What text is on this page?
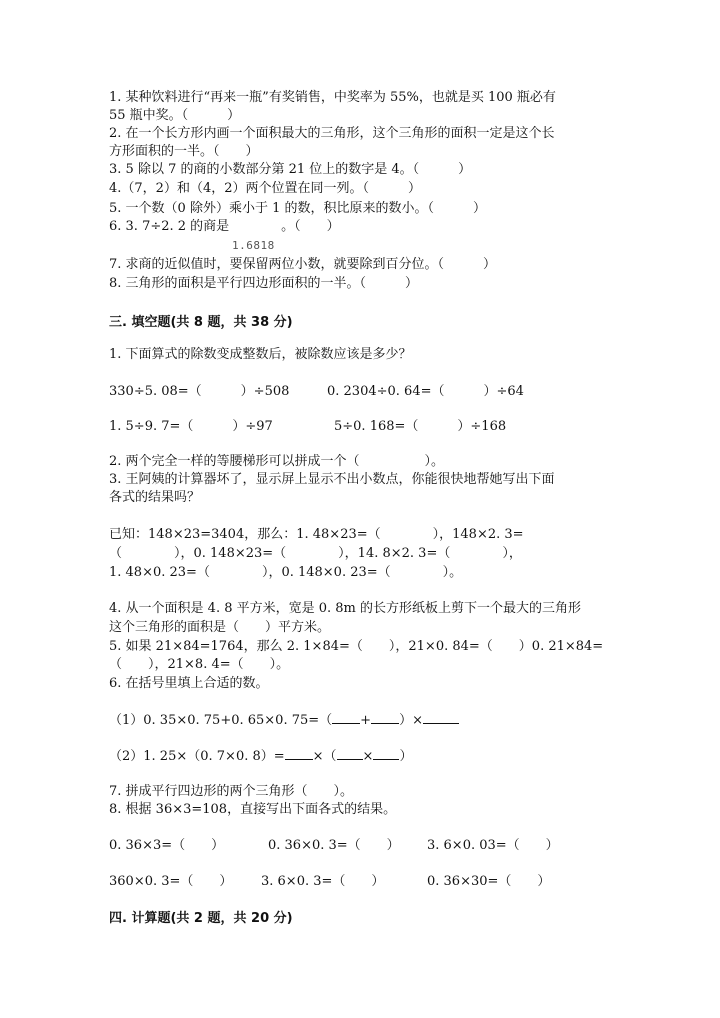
1. 某种饮料进行“再来一瓶”有奖销售，中奖率为 55%，也就是买 100 瓶必有
55 瓶中奖。（　　　）
2. 在一个长方形内画一个面积最大的三角形，这个三角形的面积一定是这个长
方形面积的一半。（　　）
3. 5 除以 7 的商的小数部分第 21 位上的数字是 4。（　　　）
4.（7，2）和（4，2）两个位置在同一列。（　　　）
5. 一个数（0 除外）乘小于 1 的数，积比原来的数小。（　　　）
6. 3. 7÷2. 2 的商是　　　　。（　　）
1.6818
7. 求商的近似值时，要保留两位小数，就要除到百分位。（　　　）
8. 三角形的面积是平行四边形面积的一半。（　　　）
三. 填空题(共 8 题，共 38 分)
1. 下面算式的除数变成整数后，被除数应该是多少？
330÷5. 08=（　　　）÷508	0. 2304÷0. 64=（　　　）÷64
1. 5÷9. 7=（　　　）÷97	5÷0. 168=（　　　）÷168
2. 两个完全一样的等腰梯形可以拼成一个（　　　　　）。
3. 王阿姨的计算器坏了，显示屏上显示不出小数点，你能很快地帮她写出下面
各式的结果吗？
已知：148×23=3404，那么：1. 48×23=（　　　　），148×2. 3=
（　　　　），0. 148×23=（　　　　），14. 8×2. 3=（　　　　），
1. 48×0. 23=（　　　　），0. 148×0. 23=（　　　　）。
4. 从一个面积是 4. 8 平方米，宽是 0. 8m 的长方形纸板上剪下一个最大的三角形
这个三角形的面积是（　　）平方米。
5. 如果 21×84=1764，那么 2. 1×84=（　　），21×0. 84=（　　）0. 21×84=
（　　），21×8. 4=（　　）。
6. 在括号里填上合适的数。
（1）0. 35×0. 75+0. 65×0. 75=（ + ）×
（2）1. 25×（0. 7×0. 8）= ×（ × ）
7. 拼成平行四边形的两个三角形（　　）。
8. 根据 36×3=108，直接写出下面各式的结果。
0. 36×3=（　　）	0. 36×0. 3=（　　） 3. 6×0. 03=（　　）
360×0. 3=（　　） 3. 6×0. 3=（　　）	0. 36×30=（　　）
四. 计算题(共 2 题，共 20 分)
